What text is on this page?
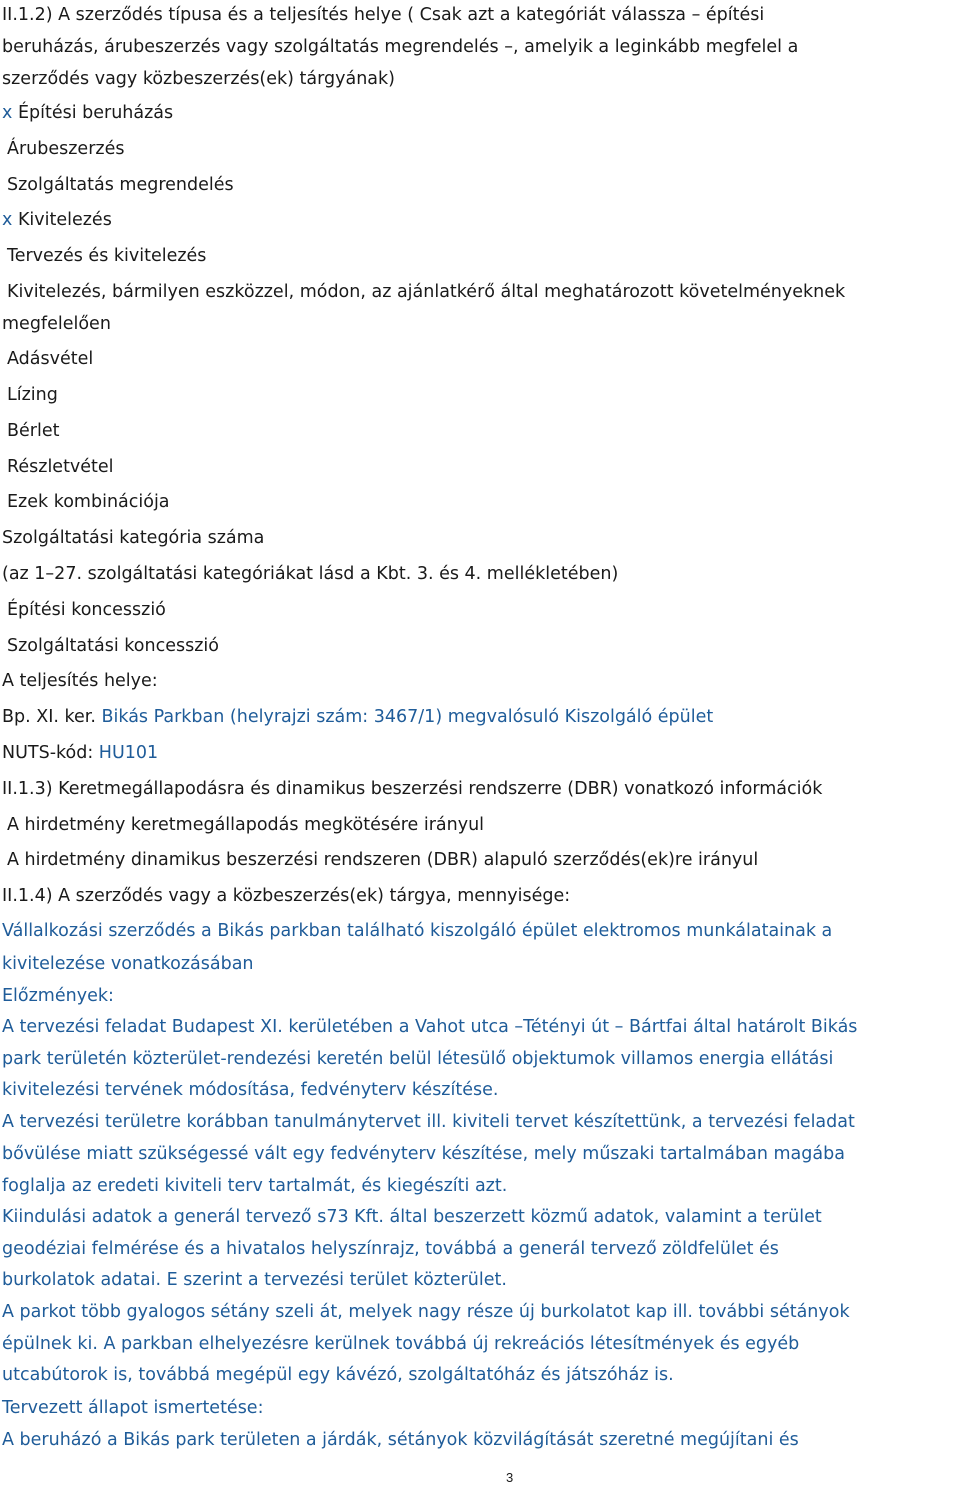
II.1.2) A szerződés típusa és a teljesítés helye ( Csak azt a kategóriát válassza – építési
beruházás, árubeszerzés vagy szolgáltatás megrendelés –, amelyik a leginkább megfelel a
szerződés vagy közbeszerzés(ek) tárgyának)
x Építési beruházás
Árubeszerzés
Szolgáltatás megrendelés
x Kivitelezés
Tervezés és kivitelezés
Kivitelezés, bármilyen eszközzel, módon, az ajánlatkérő által meghatározott követelményeknek
megfelelően
Adásvétel
Lízing
Bérlet
Részletvétel
Ezek kombinációja
Szolgáltatási kategória száma
(az 1–27. szolgáltatási kategóriákat lásd a Kbt. 3. és 4. mellékletében)
Építési koncesszió
Szolgáltatási koncesszió
A teljesítés helye:
Bp. XI. ker. Bikás Parkban (helyrajzi szám: 3467/1) megvalósuló Kiszolgáló épület
NUTS-kód: HU101
II.1.3) Keretmegállapodásra és dinamikus beszerzési rendszerre (DBR) vonatkozó információk
A hirdetmény keretmegállapodás megkötésére irányul
A hirdetmény dinamikus beszerzési rendszeren (DBR) alapuló szerződés(ek)re irányul
II.1.4) A szerződés vagy a közbeszerzés(ek) tárgya, mennyisége:
Vállalkozási szerződés a Bikás parkban található kiszolgáló épület elektromos munkálatainak a
kivitelezése vonatkozásában
Előzmények:
A tervezési feladat Budapest XI. kerületében a Vahot utca –Tétényi út – Bártfai által határolt Bikás
park területén közterület-rendezési keretén belül létesülő objektumok villamos energia ellátási
kivitelezési tervének módosítása, fedvényterv készítése.
A tervezési területre korábban tanulmánytervet ill. kiviteli tervet készítettünk, a tervezési feladat
bővülése miatt szükségessé vált egy fedvényterv készítése, mely műszaki tartalmában magába
foglalja az eredeti kiviteli terv tartalmát, és kiegészíti azt.
Kiindulási adatok a generál tervező s73 Kft. által beszerzett közmű adatok, valamint a terület
geodéziai felmérése és a hivatalos helyszínrajz, továbbá a generál tervező zöldfelület és
burkolatok adatai. E szerint a tervezési terület közterület.
A parkot több gyalogos sétány szeli át, melyek nagy része új burkolatot kap ill. további sétányok
épülnek ki. A parkban elhelyezésre kerülnek továbbá új rekreációs létesítmények és egyéb
utcabútorok is, továbbá megépül egy kávézó, szolgáltatóház és játszóház is.
Tervezett állapot ismertetése:
A beruházó a Bikás park területen a járdák, sétányok közvilágítását szeretné megújítani és
3
